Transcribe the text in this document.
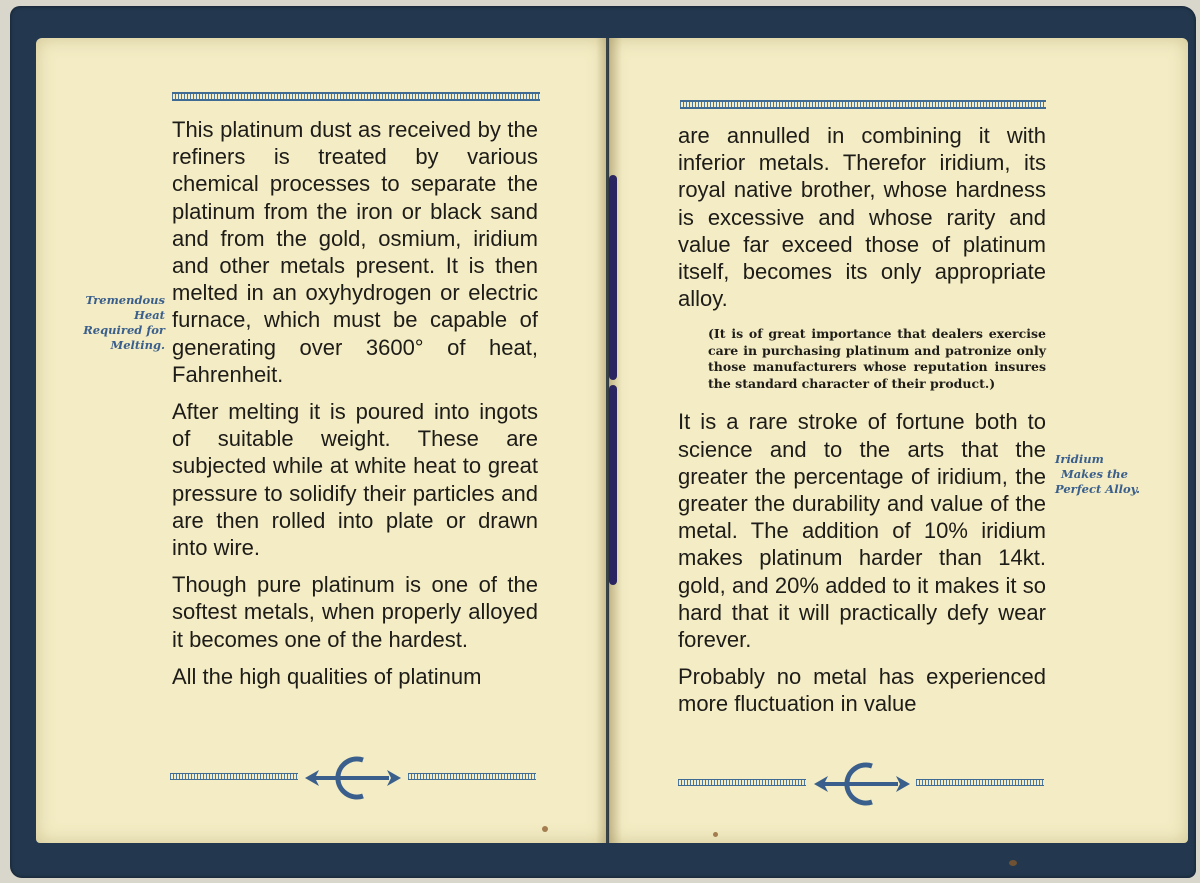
Tremendous
Heat
Required for
Melting.

This platinum dust as received by the refiners is treated by various chemical processes to separate the platinum from the iron or black sand and from the gold, osmium, iridium and other metals present. It is then melted in an oxyhydrogen or electric furnace, which must be capable of generating over 3600° of heat, Fahrenheit.

After melting it is poured into ingots of suitable weight. These are subjected while at white heat to great pressure to solidify their particles and are then rolled into plate or drawn into wire.

Though pure platinum is one of the softest metals, when properly alloyed it becomes one of the hardest.

All the high qualities of platinum

are annulled in combining it with inferior metals. Therefor iridium, its royal native brother, whose hardness is excessive and whose rarity and value far exceed those of platinum itself, becomes its only appropriate alloy.

(It is of great importance that dealers exercise care in purchasing platinum and patronize only those manufacturers whose reputation insures the standard character of their product.)

It is a rare stroke of fortune both to science and to the arts that the greater the percentage of iridium, the greater the durability and value of the metal. The addition of 10% iridium makes platinum harder than 14kt. gold, and 20% added to it makes it so hard that it will practically defy wear forever.

Probably no metal has experienced more fluctuation in value

Iridium
Makes the
Perfect Alloy.
